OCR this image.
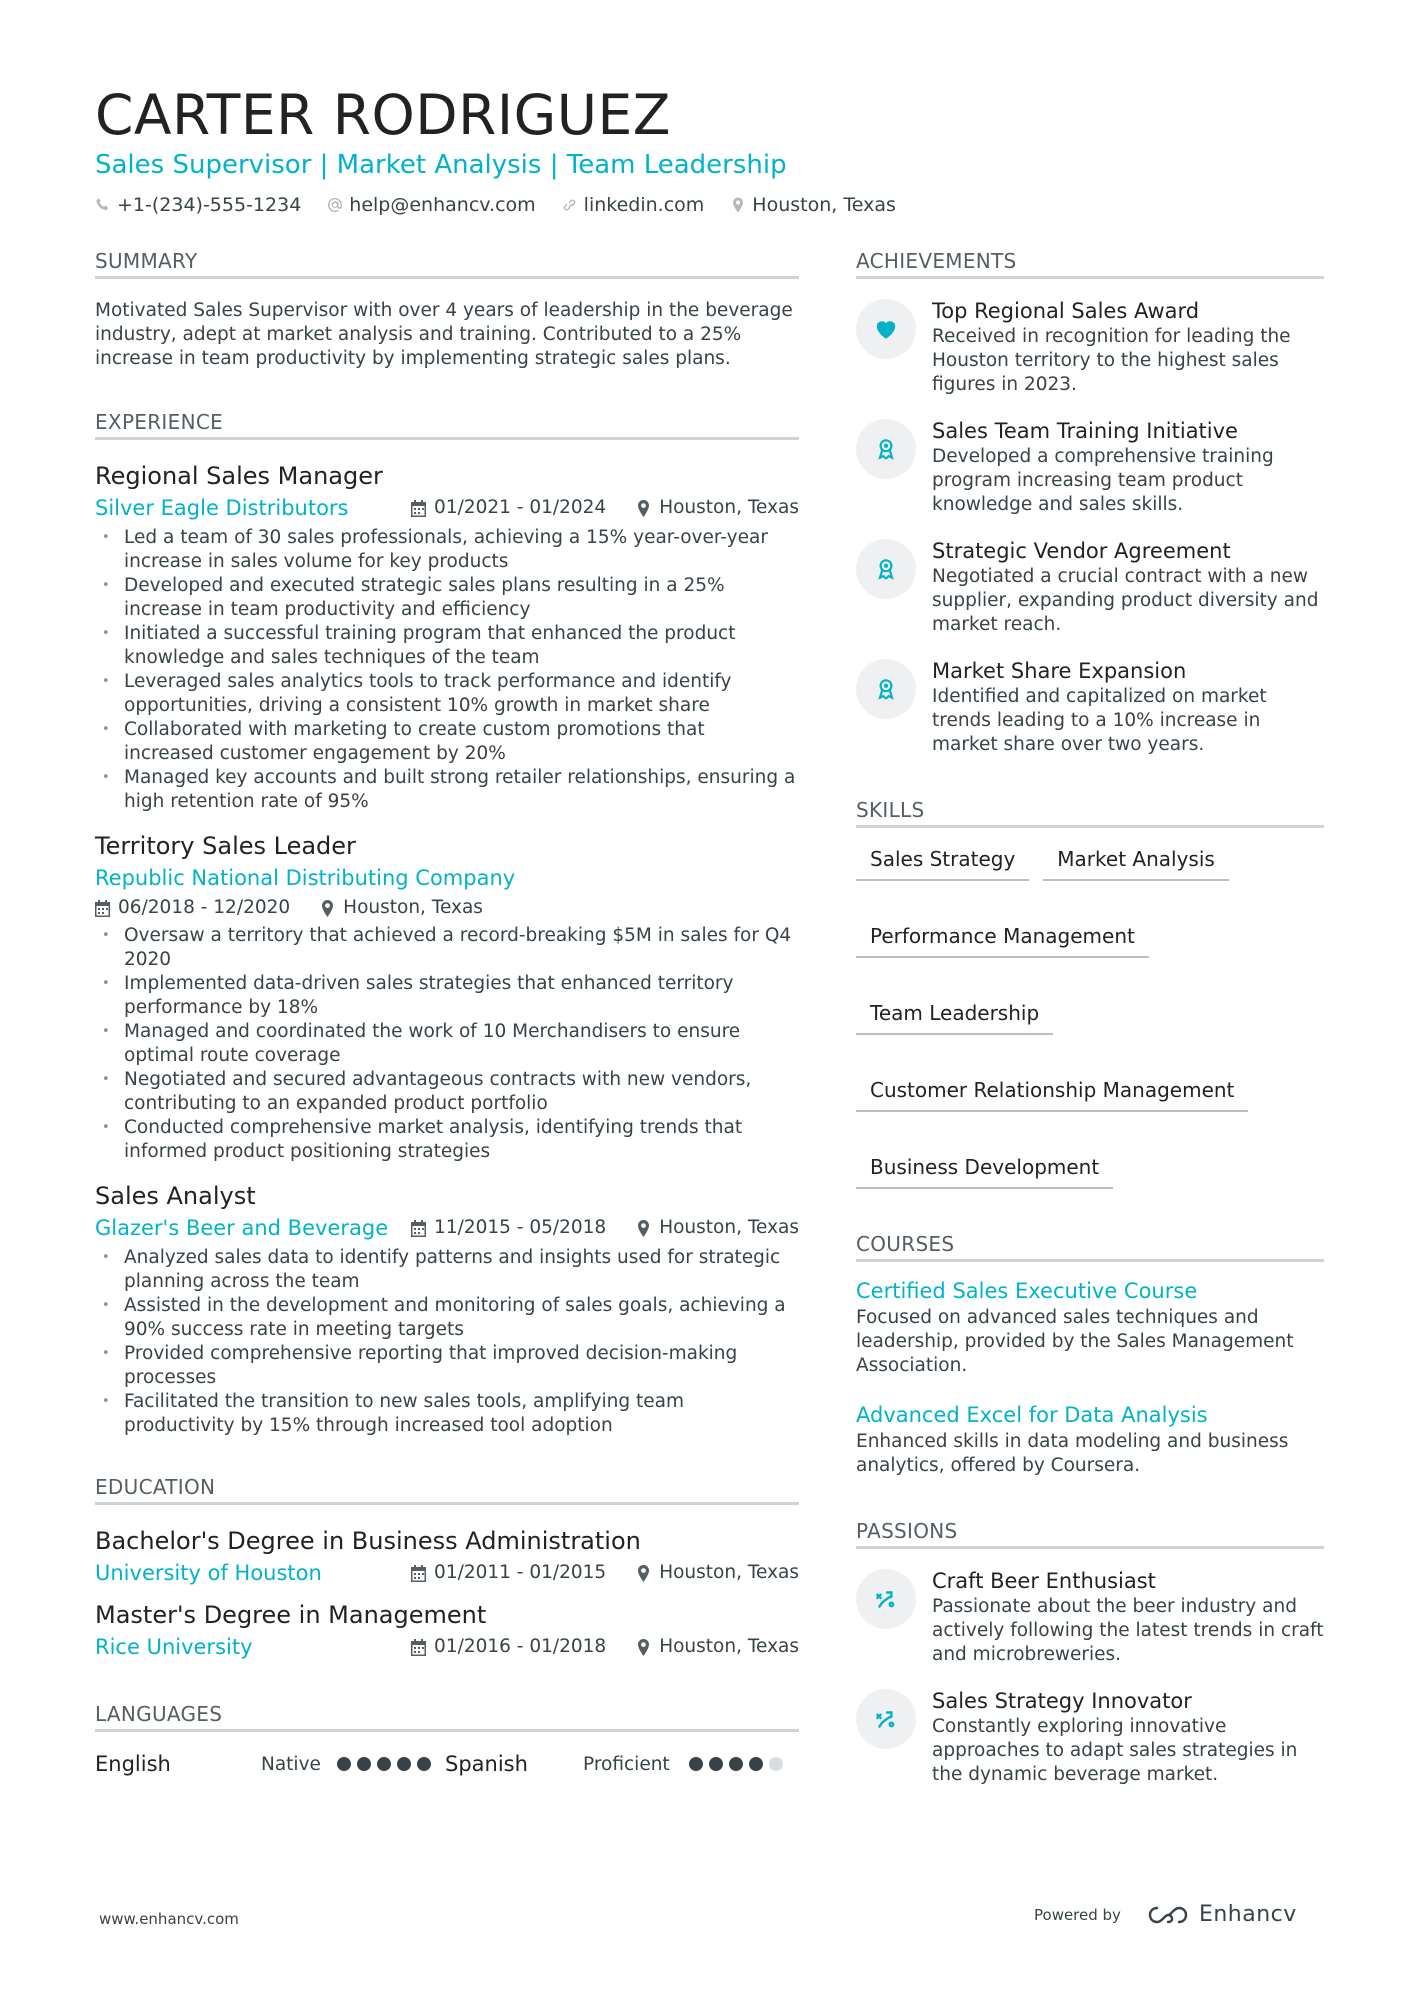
CARTER RODRIGUEZ
Sales Supervisor | Market Analysis | Team Leadership
+1-(234)-555-1234	help@enhancv.com	linkedin.com	Houston, Texas
SUMMARY
Motivated Sales Supervisor with over 4 years of leadership in the beverage industry, adept at market analysis and training. Contributed to a 25% increase in team productivity by implementing strategic sales plans.
EXPERIENCE
Regional Sales Manager
Silver Eagle Distributors	01/2021 - 01/2024	Houston, Texas
• Led a team of 30 sales professionals, achieving a 15% year-over-year increase in sales volume for key products
• Developed and executed strategic sales plans resulting in a 25% increase in team productivity and efficiency
• Initiated a successful training program that enhanced the product knowledge and sales techniques of the team
• Leveraged sales analytics tools to track performance and identify opportunities, driving a consistent 10% growth in market share
• Collaborated with marketing to create custom promotions that increased customer engagement by 20%
• Managed key accounts and built strong retailer relationships, ensuring a high retention rate of 95%
Territory Sales Leader
Republic National Distributing Company
06/2018 - 12/2020	Houston, Texas
• Oversaw a territory that achieved a record-breaking $5M in sales for Q4 2020
• Implemented data-driven sales strategies that enhanced territory performance by 18%
• Managed and coordinated the work of 10 Merchandisers to ensure optimal route coverage
• Negotiated and secured advantageous contracts with new vendors, contributing to an expanded product portfolio
• Conducted comprehensive market analysis, identifying trends that informed product positioning strategies
Sales Analyst
Glazer's Beer and Beverage 11/2015 - 05/2018	Houston, Texas
• Analyzed sales data to identify patterns and insights used for strategic planning across the team
• Assisted in the development and monitoring of sales goals, achieving a 90% success rate in meeting targets
• Provided comprehensive reporting that improved decision-making processes
• Facilitated the transition to new sales tools, amplifying team productivity by 15% through increased tool adoption
EDUCATION
Bachelor's Degree in Business Administration
University of Houston	01/2011 - 01/2015	Houston, Texas
Master's Degree in Management
Rice University	01/2016 - 01/2018	Houston, Texas
LANGUAGES
English	Native	Spanish	Proficient
ACHIEVEMENTS
Top Regional Sales Award
Received in recognition for leading the Houston territory to the highest sales figures in 2023.
Sales Team Training Initiative
Developed a comprehensive training program increasing team product knowledge and sales skills.
Strategic Vendor Agreement
Negotiated a crucial contract with a new supplier, expanding product diversity and market reach.
Market Share Expansion
Identified and capitalized on market trends leading to a 10% increase in market share over two years.
SKILLS
Sales Strategy	Market Analysis
Performance Management
Team Leadership
Customer Relationship Management
Business Development
COURSES
Certified Sales Executive Course
Focused on advanced sales techniques and leadership, provided by the Sales Management Association.
Advanced Excel for Data Analysis
Enhanced skills in data modeling and business analytics, offered by Coursera.
PASSIONS
Craft Beer Enthusiast
Passionate about the beer industry and actively following the latest trends in craft and microbreweries.
Sales Strategy Innovator
Constantly exploring innovative approaches to adapt sales strategies in the dynamic beverage market.
www.enhancv.com	Powered by	Enhancv
